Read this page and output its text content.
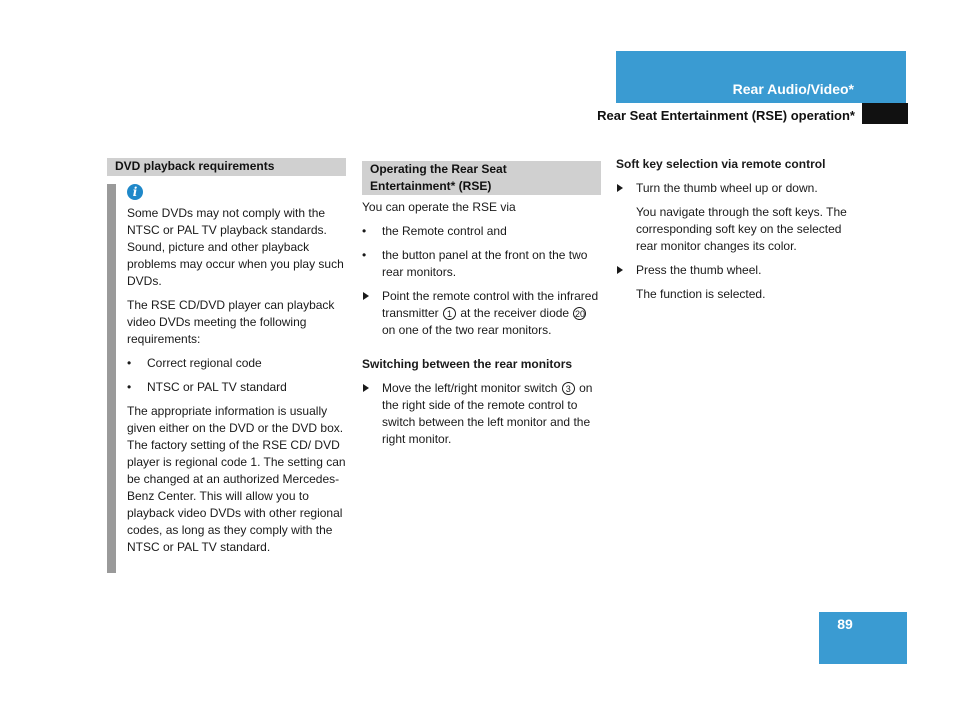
Rear Audio/Video*
Rear Seat Entertainment (RSE) operation*
DVD playback requirements
i

Some DVDs may not comply with the NTSC or PAL TV playback standards. Sound, picture and other playback problems may occur when you play such DVDs.

The RSE CD/DVD player can playback video DVDs meeting the following requirements:

• Correct regional code
• NTSC or PAL TV standard

The appropriate information is usually given either on the DVD or the DVD box. The factory setting of the RSE CD/ DVD player is regional code 1. The setting can be changed at an authorized Mercedes-Benz Center. This will allow you to playback video DVDs with other regional codes, as long as they comply with the NTSC or PAL TV standard.

Operating the Rear Seat Entertainment* (RSE)

You can operate the RSE via

• the Remote control and
• the button panel at the front on the two rear monitors.
Point the remote control with the infrared transmitter 1 at the receiver diode 20 on one of the two rear monitors.
Switching between the rear monitors
Move the left/right monitor switch 3 on the right side of the remote control to switch between the left monitor and the right monitor.
Soft key selection via remote control
Turn the thumb wheel up or down.
You navigate through the soft keys. The corresponding soft key on the selected rear monitor changes its color.
Press the thumb wheel.
The function is selected.
89
